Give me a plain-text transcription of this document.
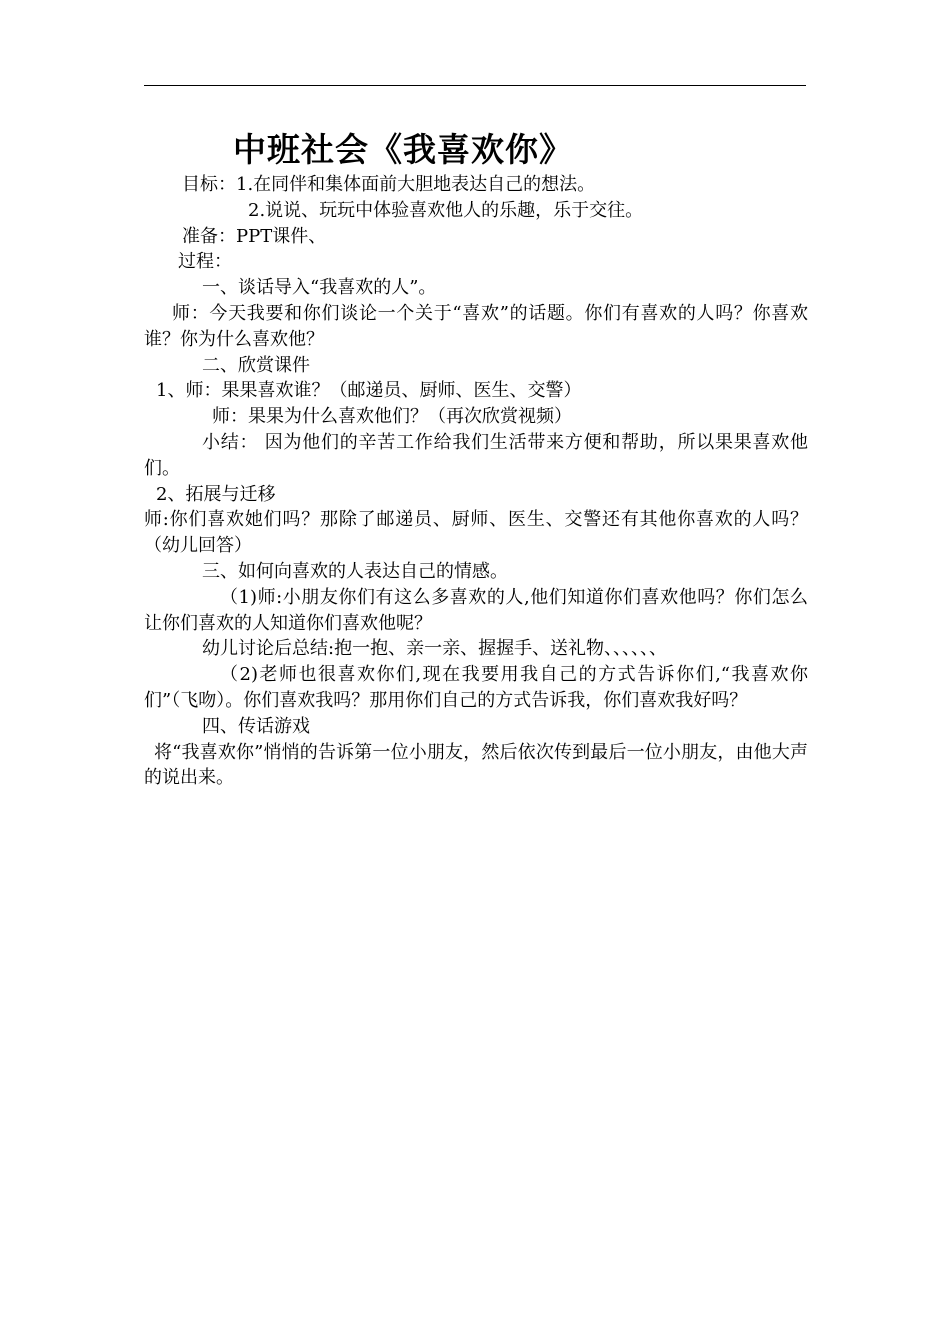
中班社会《我喜欢你》
目标：1.在同伴和集体面前大胆地表达自己的想法。
2.说说、玩玩中体验喜欢他人的乐趣，乐于交往。
准备：PPT课件、
过程：
一、谈话导入“我喜欢的人”。
师：今天我要和你们谈论一个关于“喜欢”的话题。你们有喜欢的人吗？你喜欢谁？你为什么喜欢他？
二、欣赏课件
1、师：果果喜欢谁？（邮递员、厨师、医生、交警）
师：果果为什么喜欢他们？（再次欣赏视频）
小结： 因为他们的辛苦工作给我们生活带来方便和帮助，所以果果喜欢他们。
2、拓展与迁移
师:你们喜欢她们吗？那除了邮递员、厨师、医生、交警还有其他你喜欢的人吗？（幼儿回答）
三、如何向喜欢的人表达自己的情感。
（1)师:小朋友你们有这么多喜欢的人,他们知道你们喜欢他吗？你们怎么让你们喜欢的人知道你们喜欢他呢？
幼儿讨论后总结:抱一抱、亲一亲、握握手、送礼物、、、、、、
（2)老师也很喜欢你们,现在我要用我自己的方式告诉你们,“我喜欢你们”（飞吻）。你们喜欢我吗？那用你们自己的方式告诉我，你们喜欢我好吗？
四、传话游戏
将“我喜欢你”悄悄的告诉第一位小朋友，然后依次传到最后一位小朋友，由他大声的说出来。
